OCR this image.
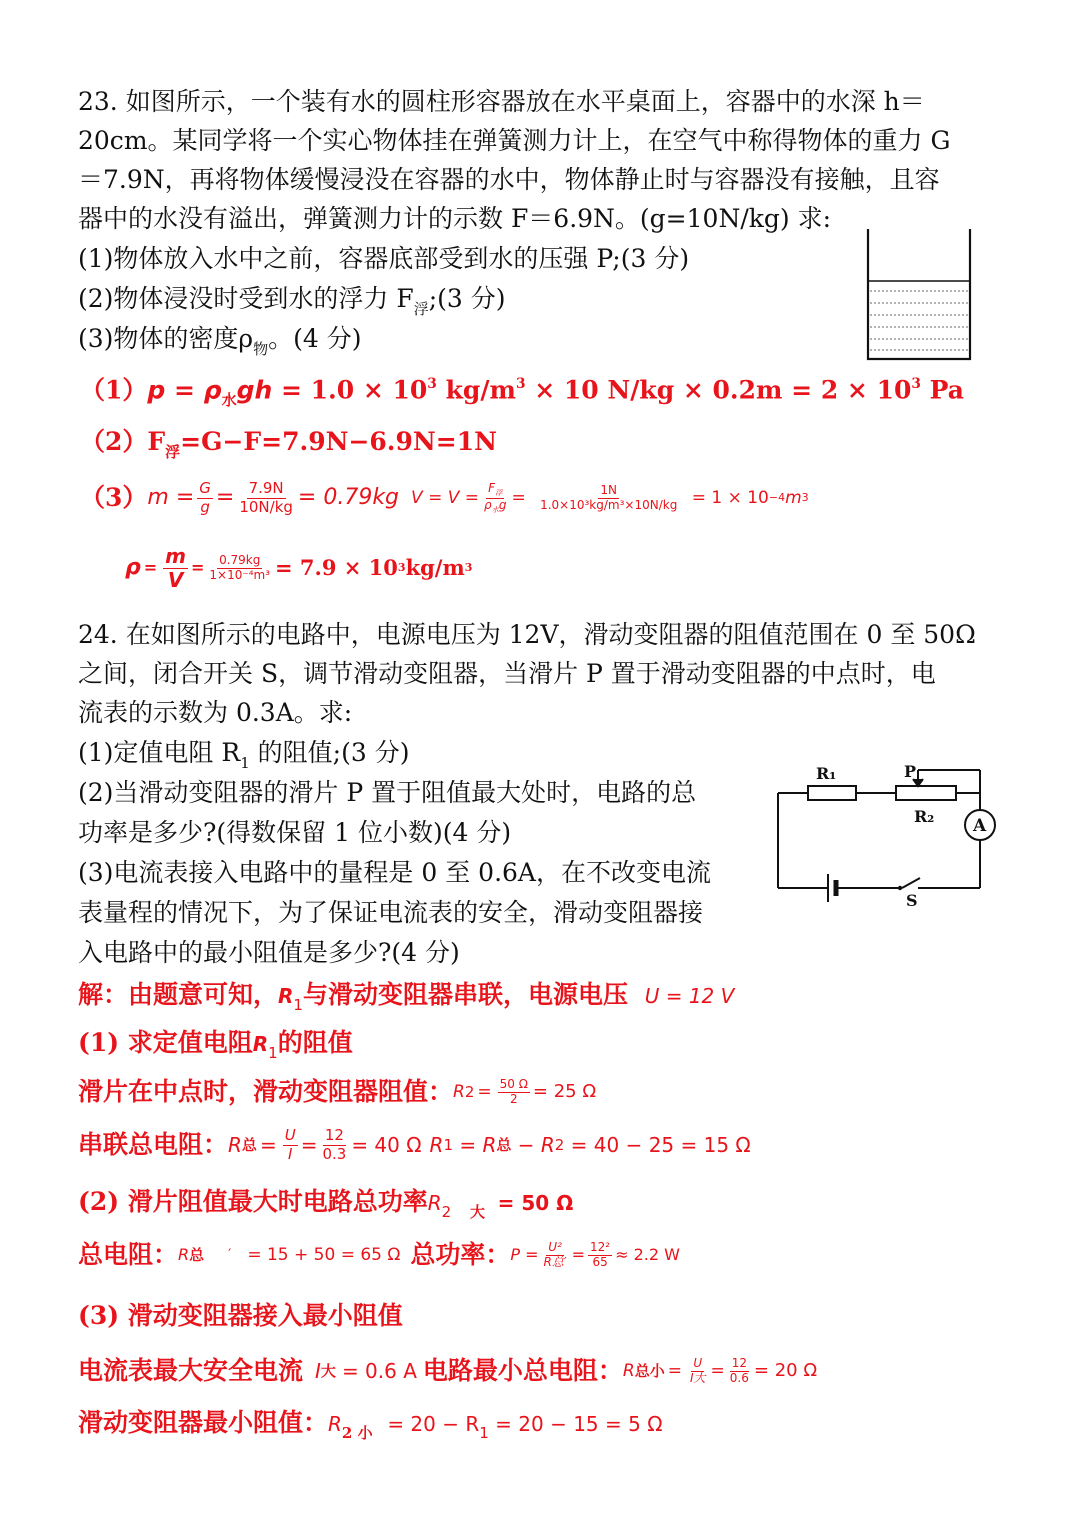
23. 如图所示，一个装有水的圆柱形容器放在水平桌面上，容器中的水深 h＝
20cm。某同学将一个实心物体挂在弹簧测力计上，在空气中称得物体的重力 G
＝7.9N，再将物体缓慢浸没在容器的水中，物体静止时与容器没有接触，且容
器中的水没有溢出，弹簧测力计的示数 F＝6.9N。(g=10N/kg) 求:
(1)物体放入水中之前，容器底部受到水的压强 P;(3 分)
(2)物体浸没时受到水的浮力 $F_浮;(3$ 分)
(3)物体的密度$\rho_物$。(4 分)
$(1)p = \rho_水gh = 1.0 \times 10^3$ $kg/m^3 \times 10$ $N/kg \times 0.2m = 2 \times 10^3$ Pa
$(2)F_浮=G-F=7.9N-6.9N=1N$
（3） $m = \frac{G}{g} = \frac{7.9N}{10N/kg} = 0.79kg$ $V = V = \frac{F_浮}{\rho_水g} = \frac{1N}{\text{1.0×10³kg/m³×10N/kg}} = 1 \times 10 -4$ m 3
$\rho = \frac{m}{V} = \frac{0.79kg}{\text{1×10⁻⁴m³}} = 7.9 \times 10$ 3 kg/m 3
24. 在如图所示的电路中，电源电压为 12V，滑动变阻器的阻值范围在 0 至 50Ω
之间，闭合开关 S，调节滑动变阻器，当滑片 P 置于滑动变阻器的中点时，电
流表的示数为 0.3A。求:
(1)定值电阻 $R_1$ 的阻值;(3 分)
(2)当滑动变阻器的滑片 P 置于阻值最大处时，电路的总
功率是多少?(得数保留 1 位小数)(4 分)
(3)电流表接入电路中的量程是 0 至 0.6A，在不改变电流
表量程的情况下，为了保证电流表的安全，滑动变阻器接
入电路中的最小阻值是多少?(4 分)
R₁	P
R₂ A
S
解：由题意可知，$R_1$与滑动变阻器串联，电源电压 U = 12 V
(1) 求定值电阻$R_1$的阻值
滑片在中点时，滑动变阻器阻值： R $2 = \frac{50 \Omega}{2} = 25$ Ω
串联总电阻： R 总 = $\frac{U}{I} = \frac{12}{0.3} = 40$ Ω R 1 = R 总 − R 2 = 40 − 25 = 15 Ω
(2) 滑片阻值最大时电路总功率$R_2$ $_大$ = 50 Ω
总电阻： R 总 ′ = 15 + 50 = 65 Ω 总功率： $P = \frac{\text{U²}}{\text{R总′}} = \frac{\text{12²}}{65} \approx 2.2$ W
(3) 滑动变阻器接入最小阻值
电流表最大安全电流 I 大 = 0.6 A 电路最小总电阻： R 总小 = $\frac{U}{\text{I大}} = \frac{12}{0.6} = 20$ Ω
滑动变阻器最小阻值：$R_{2 小} = 20 - R_1 = 20 - 15 = 5$ Ω
